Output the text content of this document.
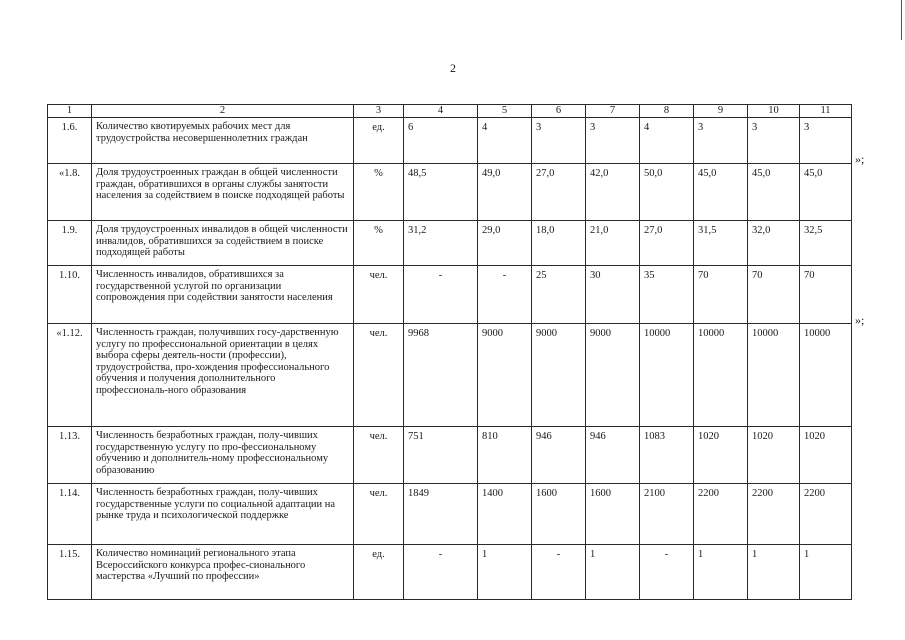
2
1	2	3	4	5	6	7	8	9	10	11
1.6.	Количество квотируемых рабочих мест для трудоустройства несовершеннолетних граждан	ед.	6	4	3	3	4	3	3	3
«1.8.	Доля трудоустроенных граждан в общей численности граждан, обратившихся в органы службы занятости населения за содействием в поиске подходящей работы	%	48,5	49,0	27,0	42,0	50,0	45,0	45,0	45,0
1.9.	Доля трудоустроенных инвалидов в общей численности инвалидов, обратившихся за содействием в поиске подходящей работы	%	31,2	29,0	18,0	21,0	27,0	31,5	32,0	32,5
1.10.	Численность инвалидов, обратившихся за государственной услугой по организации сопровождения при содействии занятости населения	чел.	-	-	25	30	35	70	70	70
«1.12.	Численность граждан, получивших госу-дарственную услугу по профессиональной ориентации в целях выбора сферы деятель-ности (профессии), трудоустройства, про-хождения профессионального обучения и получения дополнительного профессиональ-ного образования	чел.	9968	9000	9000	9000	10000	10000	10000	10000
1.13.	Численность безработных граждан, полу-чивших государственную услугу по про-фессиональному обучению и дополнитель-ному профессиональному образованию	чел.	751	810	946	946	1083	1020	1020	1020
1.14.	Численность безработных граждан, полу-чивших государственные услуги по социальной адаптации на рынке труда и психологической поддержке	чел.	1849	1400	1600	1600	2100	2200	2200	2200
1.15.	Количество номинаций регионального этапа Всероссийского конкурса профес-сионального мастерства «Лучший по профессии»	ед.	-	1	-	1	-	1	1	1
»;
»;
